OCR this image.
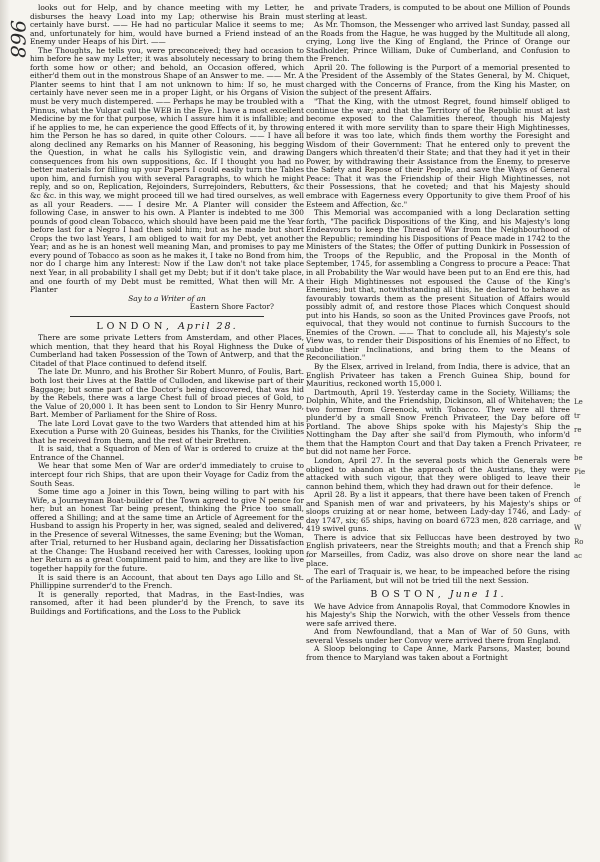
looks out for Help, and by chance meeting with my Letter, he disburses the heavy Load into my Lap; otherwise his Brain must certainly have burst. —— He had no particular Malice it seems to me; and, unfortunately for him, would have burned a Friend instead of an Enemy under Heaps of his Dirt. ——

The Thoughts, he tells you, were preconceived; they had occasion to him before he saw my Letter; it was absolutely necessary to bring them forth some how or other; and behold, an Occasion offered, which either'd them out in the monstrous Shape of an Answer to me. —— Mr. A Planter seems to hint that I am not unknown to him: If so, he must certainly have never seen me in a proper Light, or his Organs of Vision must be very much distempered. —— Perhaps he may be troubled with a Pinnus, what the Vulgar call the WEB in the Eye. I have a most excellent Medicine by me for that purpose, which I assure him it is infallible; and if he applies to me, he can experience the good Effects of it, by throwing him the Person he has so dared, in quite other Colours. —— I have all along declined any Remarks on his Manner of Reasoning, his begging the Question, in what he calls his Syllogistic vein, and drawing consequences from his own suppositions, &c. If I thought you had no better materials for filling up your Papers I could easily turn the Tables upon him, and furnish you with several Paragraphs, to which he might reply, and so on, Replication, Rejoinders, Surrejoinders, Rebutters, &c &c &c. in this way, we might proceed till we had tired ourselves, as well as all your Readers. —— I desire Mr. A Planter will consider the following Case, in answer to his own. A Planter is indebted to me 300 pounds of good clean Tobacco, which should have been paid me the Year before last for a Negro I had then sold him; but as he made but short Crops the two last Years, I am obliged to wait for my Debt, yet another Year; and as he is an honest well meaning Man, and promises to pay me every pound of Tobacco as soon as he makes it, I take no Bond from him, nor do I charge him any Interest: Now if the Law don't not take place next Year, in all probability I shall get my Debt; but if it don't take place, and one fourth of my Debt must be remitted, What then will Mr. A Planter

Say to a Writer of an

Eastern Shore Factor?

LONDON, April 28.

There are some private Letters from Amsterdam, and other Places, which mention, that they heard that his Royal Highness the Duke of Cumberland had taken Possession of the Town of Antwerp, and that the Citadel of that Place continued to defend itself.

The late Dr. Munro, and his Brother Sir Robert Munro, of Foulis, Bart. both lost their Lives at the Battle of Culloden, and likewise part of their Baggage; but some part of the Doctor's being discovered, that was hid by the Rebels, there was a large Chest full of broad pieces of Gold, to the Value of 20,000 l. It has been sent to London to Sir Henry Munro, Bart. Member of Parliament for the Shire of Ross.

The late Lord Lovat gave to the two Warders that attended him at his Execution a Purse with 20 Guineas, besides his Thanks, for the Civilities that he received from them, and the rest of their Brethren.

It is said, that a Squadron of Men of War is ordered to cruize at the Entrance of the Channel.

We hear that some Men of War are order'd immediately to cruise to intercept four rich Ships, that are upon their Voyage for Cadiz from the South Seas.

Some time ago a Joiner in this Town, being willing to part with his Wife, a Journeyman Boat-builder of the Town agreed to give N pence for her; but an honest Tar being present, thinking the Price too small, offered a Shilling; and at the same time an Article of Agreement for the Husband to assign his Property in her, was signed, sealed and delivered, in the Presence of several Witnesses, the same Evening; but the Woman, after Trial, returned to her Husband again, declaring her Dissatisfaction at the Change: The Husband received her with Caresses, looking upon her Return as a great Compliment paid to him, and they are like to live together happily for the future.

It is said there is an Account, that about ten Days ago Lillo and St. Phillippine surrender'd to the French.

It is generally reported, that Madras, in the East-Indies, was ransomed, after it had been plunder'd by the French, to save its Buildings and Fortifications, and the Loss to the Publick

and private Traders, is computed to be about one Million of Pounds sterling at least.

As Mr. Thomson, the Messenger who arrived last Sunday, passed all the Roads from the Hague, he was hugged by the Multitude all along, crying, Long live the King of England, the Prince of Orange our Stadholder, Prince William, Duke of Cumberland, and Confusion to the French.

April 20. The following is the Purport of a memorial presented to the President of the Assembly of the States General, by M. Chiquet, charged with the Concerns of France, from the King his Master, on the subject of the present Affairs.

"That the King, with the utmost Regret, found himself obliged to continue the war; and that the Territory of the Republic must at last become exposed to the Calamities thereof, though his Majesty entered it with more servility than to spare their High Mightinesses, before it was too late, which finds them worthy the Foresight and Wisdom of their Government: That he entered only to prevent the Dangers which threaten'd their State; and that they had it yet in their Power, by withdrawing their Assistance from the Enemy, to preserve the Safety and Repose of their People, and save the Ways of General Peace: That it was the Friendship of their High Mightinesses, not their Possessions, that he coveted; and that his Majesty should embrace with Eagerness every Opportunity to give them Proof of his Esteem and Affection, &c."

This Memorial was accompanied with a long Declaration setting forth, "The pacifick Dispositions of the King, and his Majesty's long Endeavours to keep the Thread of War from the Neighbourhood of the Republic; reminding his Dispositions of Peace made in 1742 to the Ministers of the States; the Offer of putting Dunkirk in Possession of the Troops of the Republic, and the Proposal in the Month of September, 1745, for assembling a Congress to procure a Peace: That in all Probability the War would have been put to an End ere this, had their High Mightinesses not espoused the Cause of the King's Enemies; but that, notwithstanding all this, he declared to behave as favourably towards them as the present Situation of Affairs would possibly admit of, and restore those Places which Conquest should put into his Hands, so soon as the United Provinces gave Proofs, not equivocal, that they would not continue to furnish Succours to the Enemies of the Crown. —— That to conclude all, his Majesty's sole View was, to render their Dispositions of his Enemies of no Effect, to subdue their Inclinations, and bring them to the Means of Reconciliation."

By the Elsex, arrived in Ireland, from India, there is advice, that an English Privateer has taken a French Guinea Ship, bound for Mauritius, reckoned worth 15,000 l.

Dartmouth, April 19. Yesterday came in the Society, Williams; the Dolphin, White, and the Friendship, Dickinson, all of Whitehaven; the two former from Greenock, with Tobacco. They were all three plunder'd by a small Snow French Privateer, the Day before off Portland. The above Ships spoke with his Majesty's Ship the Nottingham the Day after she sail'd from Plymouth, who inform'd them that the Hampton Court and that Day taken a French Privateer, but did not name her Force.

London, April 27. In the several posts which the Generals were obliged to abandon at the approach of the Austrians, they were attacked with such vigour, that they were obliged to leave their cannon behind them, which they had drawn out for their defence.

April 28. By a list it appears, that there have been taken of French and Spanish men of war and privateers, by his Majesty's ships or sloops cruizing at or near home, between Lady-day 1746, and Lady-day 1747, six; 65 ships, having on board 6723 men, 828 carriage, and 419 swivel guns.

There is advice that six Felluccas have been destroyed by two English privateers, near the Streights mouth; and that a French ship for Marseilles, from Cadiz, was also drove on shore near the land place.

The earl of Traquair is, we hear, to be impeached before the rising of the Parliament, but will not be tried till the next Session.

BOSTON, June 11.

We have Advice from Annapolis Royal, that Commodore Knowles in his Majesty's Ship the Norwich, with the other Vessels from thence were safe arrived there.

And from Newfoundland, that a Man of War of 50 Guns, with several Vessels under her Convoy were arrived there from England.

A Sloop belonging to Cape Anne, Mark Parsons, Master, bound from thence to Maryland was taken about a Fortnight

968
Le
tr
re
re
be
Pie
le
of
of
W
Ro
ac
